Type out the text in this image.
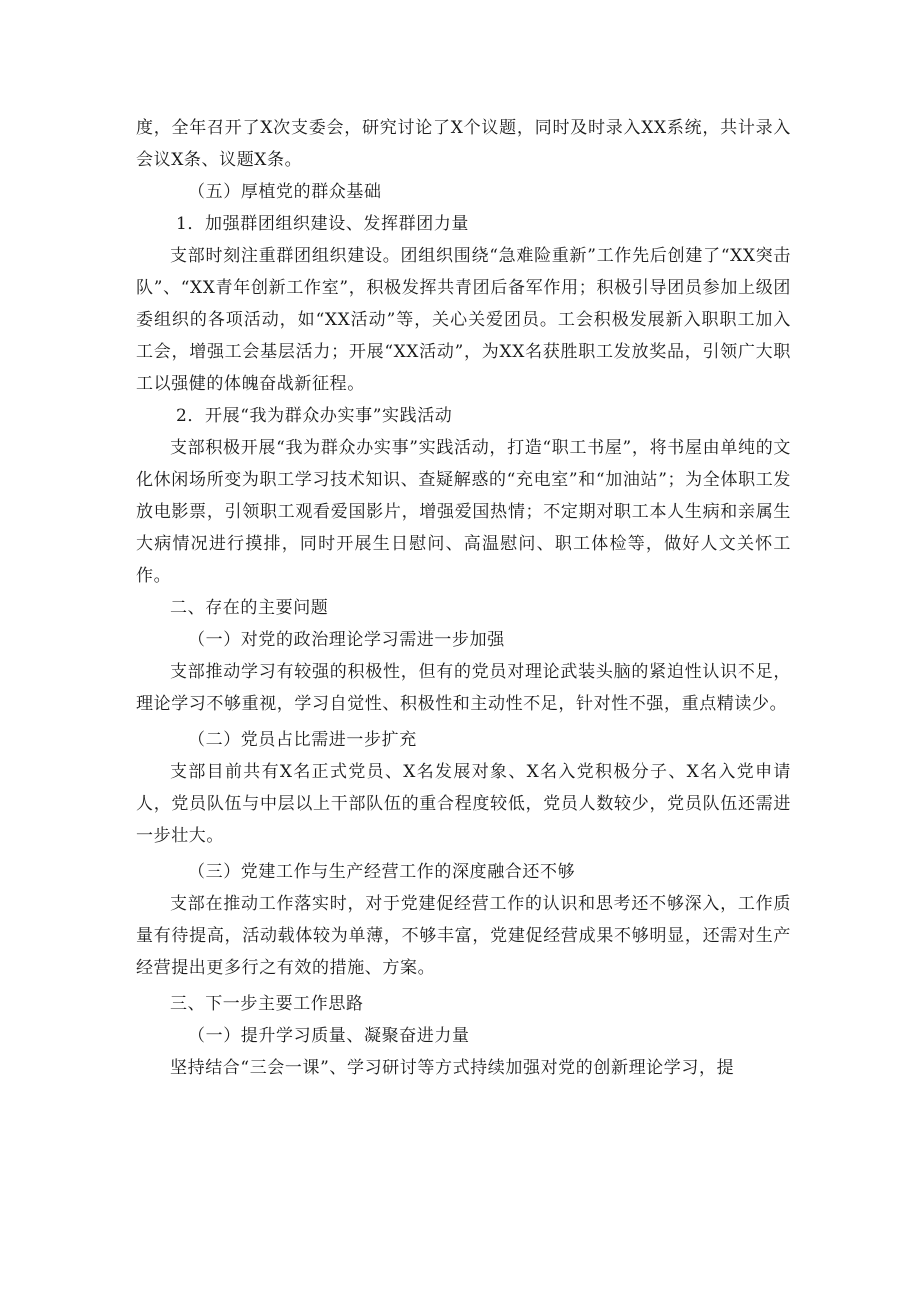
度，全年召开了X次支委会，研究讨论了X个议题，同时及时录入XX系统，共计录入会议X条、议题X条。

（五）厚植党的群众基础

1．加强群团组织建设、发挥群团力量

支部时刻注重群团组织建设。团组织围绕“急难险重新”工作先后创建了“XX突击队”、“XX青年创新工作室”，积极发挥共青团后备军作用；积极引导团员参加上级团委组织的各项活动，如“XX活动”等，关心关爱团员。工会积极发展新入职职工加入工会，增强工会基层活力；开展“XX活动”，为XX名获胜职工发放奖品，引领广大职工以强健的体魄奋战新征程。

2．开展“我为群众办实事”实践活动

支部积极开展“我为群众办实事”实践活动，打造“职工书屋”，将书屋由单纯的文化休闲场所变为职工学习技术知识、查疑解惑的“充电室”和“加油站”；为全体职工发放电影票，引领职工观看爱国影片，增强爱国热情；不定期对职工本人生病和亲属生大病情况进行摸排，同时开展生日慰问、高温慰问、职工体检等，做好人文关怀工作。

二、存在的主要问题

（一）对党的政治理论学习需进一步加强

支部推动学习有较强的积极性，但有的党员对理论武装头脑的紧迫性认识不足，理论学习不够重视，学习自觉性、积极性和主动性不足，针对性不强，重点精读少。

（二）党员占比需进一步扩充

支部目前共有X名正式党员、X名发展对象、X名入党积极分子、X名入党申请人，党员队伍与中层以上干部队伍的重合程度较低，党员人数较少，党员队伍还需进一步壮大。

（三）党建工作与生产经营工作的深度融合还不够

支部在推动工作落实时，对于党建促经营工作的认识和思考还不够深入，工作质量有待提高，活动载体较为单薄，不够丰富，党建促经营成果不够明显，还需对生产经营提出更多行之有效的措施、方案。

三、下一步主要工作思路

（一）提升学习质量、凝聚奋进力量

坚持结合“三会一课”、学习研讨等方式持续加强对党的创新理论学习，提
